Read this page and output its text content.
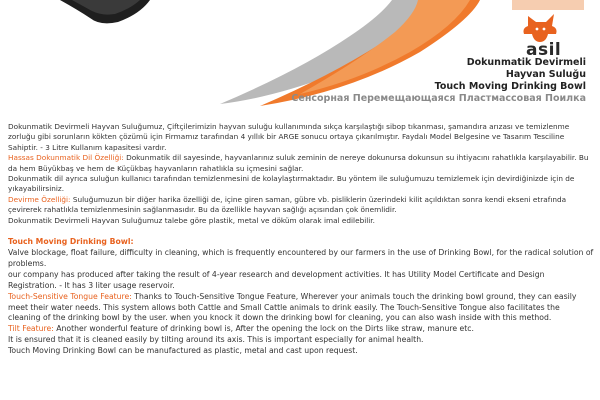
asil
Dokunmatik Devirmeli
Hayvan Suluğu
Touch Moving Drinking Bowl
Сенсорная Перемещающаяся Пластмассовая Поилка

Dokunmatik Devirmeli Hayvan Suluğumuz, Çiftçilerimizin hayvan suluğu kullanımında sıkça karşılaştığı sibop tıkanması, şamandıra arızası ve temizlenme zorluğu gibi sorunların kökten çözümü için Firmamız tarafından 4 yıllık bir ARGE sonucu ortaya çıkarılmıştır. Faydalı Model Belgesine ve Tasarım Tesciline Sahiptir. - 3 Litre Kullanım kapasitesi vardır.

Hassas Dokunmatik Dil Özelliği: Dokunmatik dil sayesinde, hayvanlarınız suluk zeminin de nereye dokunursa dokunsun su ihtiyacını rahatlıkla karşılayabilir. Bu da hem Büyükbaş ve hem de Küçükbaş hayvanların rahatlıkla su içmesini sağlar.

Dokunmatik dil ayrıca suluğun kullanıcı tarafından temizlenmesini de kolaylaştırmaktadır. Bu yöntem ile suluğumuzu temizlemek için devirdiğinizde için de yıkayabilirsiniz.

Devirme Özelliği: Suluğumuzun bir diğer harika özelliği de, içine giren saman, gübre vb. pisliklerin üzerindeki kilit açıldıktan sonra kendi ekseni etrafında çevirerek rahatlıkla temizlenmesinin sağlanmasıdır. Bu da özellikle hayvan sağlığı açısından çok önemlidir.

Dokunmatik Devirmeli Hayvan Suluğumuz talebe göre plastik, metal ve döküm olarak imal edilebilir.

Touch Moving Drinking Bowl:

Valve blockage, float failure, difficulty in cleaning, which is frequently encountered by our farmers in the use of Drinking Bowl, for the radical solution of problems.

our company has produced after taking the result of 4-year research and development activities. It has Utility Model Certificate and Design Registration. - It has 3 liter usage reservoir.

Touch-Sensitive Tongue Feature: Thanks to Touch-Sensitive Tongue Feature, Wherever your animals touch the drinking bowl ground, they can easily meet their water needs. This system allows both Cattle and Small Cattle animals to drink easily. The Touch-Sensitive Tongue also facilitates the cleaning of the drinking bowl by the user. when you knock it down the drinking bowl for cleaning, you can also wash inside with this method.

Tilt Feature: Another wonderful feature of drinking bowl is, After the opening the lock on the Dirts like straw, manure etc.

It is ensured that it is cleaned easily by tilting around its axis. This is important especially for animal health.

Touch Moving Drinking Bowl can be manufactured as plastic, metal and cast upon request.
